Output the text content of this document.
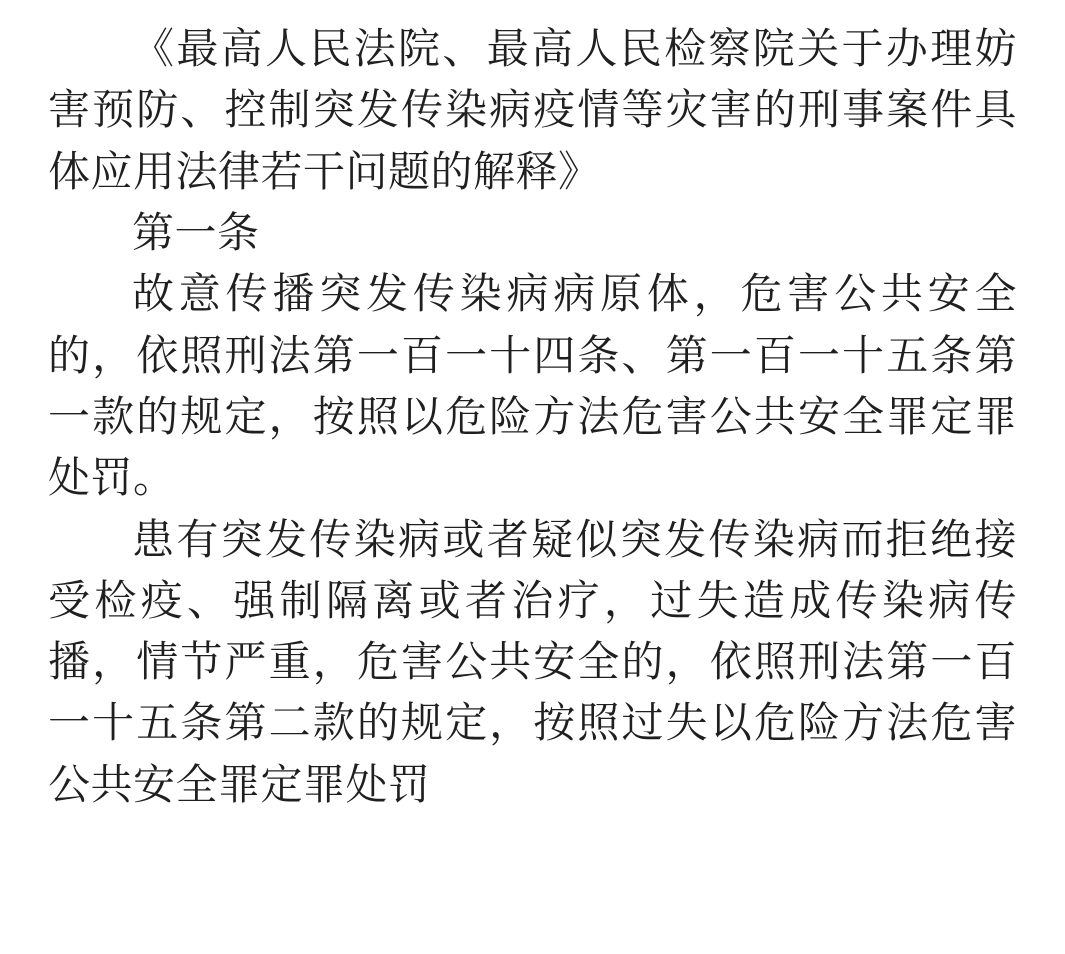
《最高人民法院、最高人民检察院关于办理妨害预防、控制突发传染病疫情等灾害的刑事案件具体应用法律若干问题的解释》

第一条

故意传播突发传染病病原体，危害公共安全的，依照刑法第一百一十四条、第一百一十五条第一款的规定，按照以危险方法危害公共安全罪定罪处罚。

患有突发传染病或者疑似突发传染病而拒绝接受检疫、强制隔离或者治疗，过失造成传染病传播，情节严重，危害公共安全的，依照刑法第一百一十五条第二款的规定，按照过失以危险方法危害公共安全罪定罪处罚
